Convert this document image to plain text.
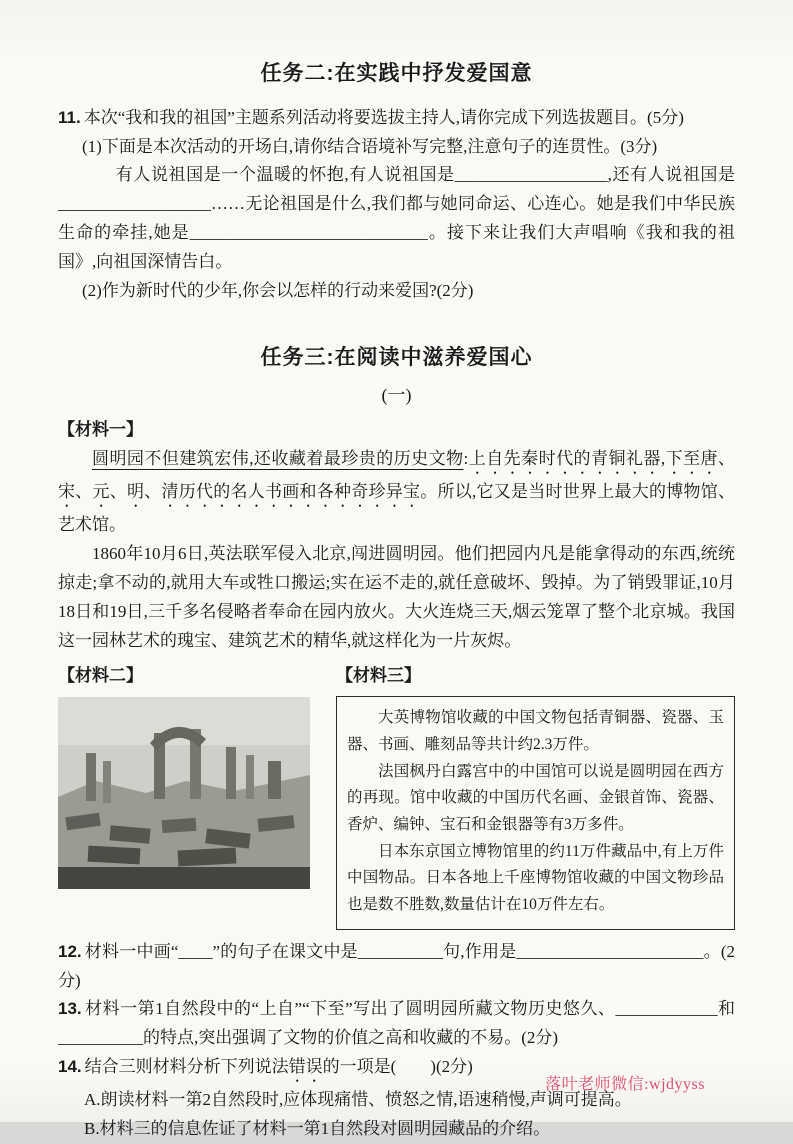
任务二:在实践中抒发爱国意

11. 本次“我和我的祖国”主题系列活动将要选拔主持人,请你完成下列选拔题目。(5分)

(1)下面是本次活动的开场白,请你结合语境补写完整,注意句子的连贯性。(3分)

有人说祖国是一个温暖的怀抱,有人说祖国是__________________,还有人说祖国是__________________……无论祖国是什么,我们都与她同命运、心连心。她是我们中华民族生命的牵挂,她是____________________________。接下来让我们大声唱响《我和我的祖国》,向祖国深情告白。

(2)作为新时代的少年,你会以怎样的行动来爱国?(2分)

任务三:在阅读中滋养爱国心
(一)
【材料一】

圆明园不但建筑宏伟,还收藏着最珍贵的历史文物:上自先秦时代的青铜礼器,下至唐、宋、元、明、清历代的名人书画和各种奇珍异宝。所以,它又是当时世界上最大的博物馆、艺术馆。

1860年10月6日,英法联军侵入北京,闯进圆明园。他们把园内凡是能拿得动的东西,统统掠走;拿不动的,就用大车或牲口搬运;实在运不走的,就任意破坏、毁掉。为了销毁罪证,10月18日和19日,三千多名侵略者奉命在园内放火。大火连烧三天,烟云笼罩了整个北京城。我国这一园林艺术的瑰宝、建筑艺术的精华,就这样化为一片灰烬。

【材料二】	【材料三】

大英博物馆收藏的中国文物包括青铜器、瓷器、玉器、书画、雕刻品等共计约2.3万件。

法国枫丹白露宫中的中国馆可以说是圆明园在西方的再现。馆中收藏的中国历代名画、金银首饰、瓷器、香炉、编钟、宝石和金银器等有3万多件。

日本东京国立博物馆里的约11万件藏品中,有上万件中国物品。日本各地上千座博物馆收藏的中国文物珍品也是数不胜数,数量估计在10万件左右。

12. 材料一中画“____”的句子在课文中是__________句,作用是______________________。(2分)

13. 材料一第1自然段中的“上自”“下至”写出了圆明园所藏文物历史悠久、____________和__________的特点,突出强调了文物的价值之高和收藏的不易。(2分)

14. 结合三则材料分析下列说法错误的一项是(　　)(2分)

A.朗读材料一第2自然段时,应体现痛惜、愤怒之情,语速稍慢,声调可提高。

B.材料三的信息佐证了材料一第1自然段对圆明园藏品的介绍。

落叶老师微信:wjdyyss
